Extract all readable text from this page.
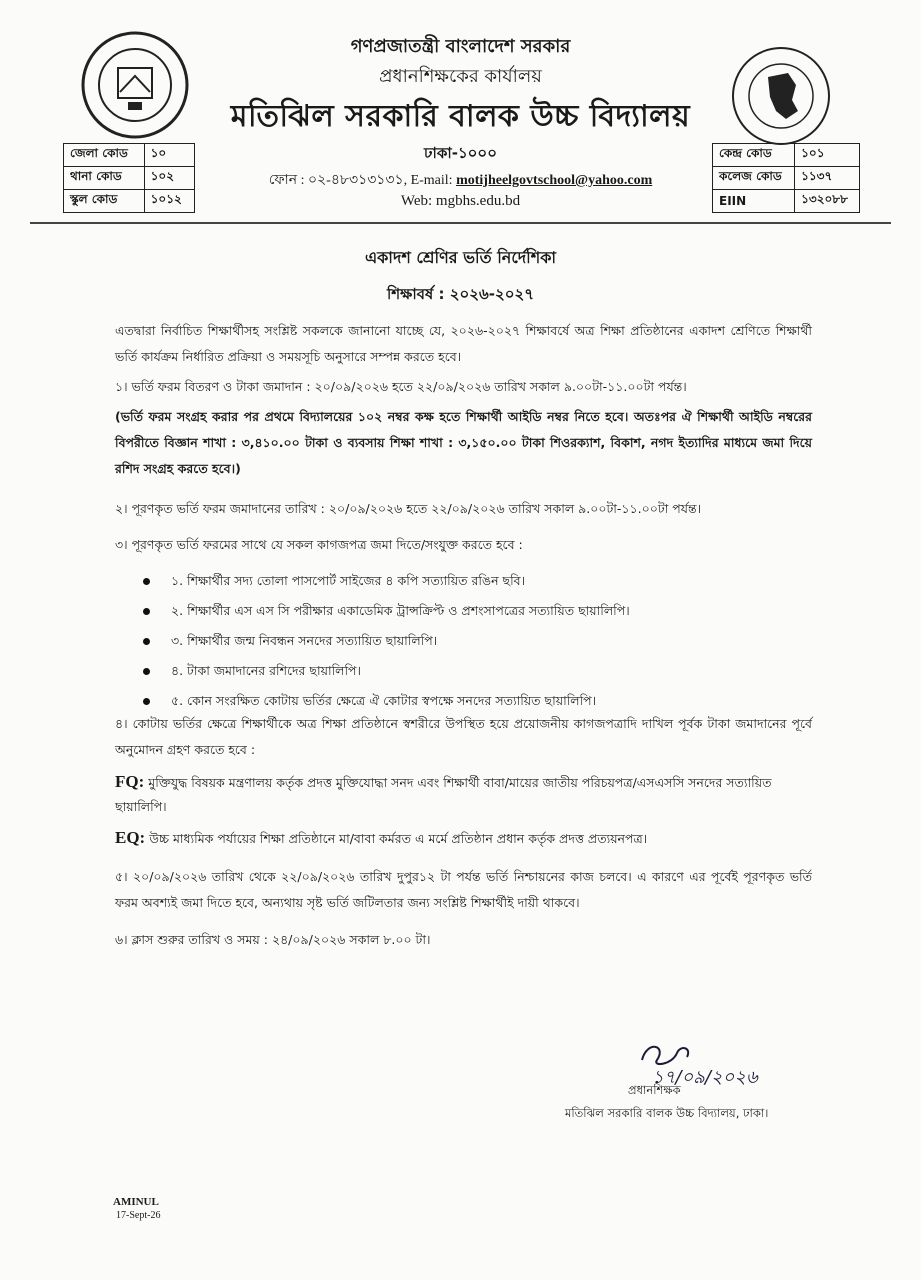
গণপ্রজাতন্ত্রী বাংলাদেশ সরকার
প্রধানশিক্ষকের কার্যালয়
মতিঝিল সরকারি বালক উচ্চ বিদ্যালয়
ঢাকা-১০০০
ফোন : ০২-৪৮৩১৩১৩১, E-mail: motijheelgovtschool@yahoo.com
Web: mgbhs.edu.bd
জেলা কোড	১০
থানা কোড	১০২
স্কুল কোড	১০১২
কেন্দ্র কোড	১০১
কলেজ কোড	১১৩৭
EIIN	১৩২০৮৮
একাদশ শ্রেণির ভর্তি নির্দেশিকা
শিক্ষাবর্ষ : ২০২৬-২০২৭
এতদ্বারা নির্বাচিত শিক্ষার্থীসহ সংশ্লিষ্ট সকলকে জানানো যাচ্ছে যে, ২০২৬-২০২৭ শিক্ষাবর্ষে অত্র শিক্ষা প্রতিষ্ঠানের একাদশ শ্রেণিতে শিক্ষার্থী ভর্তি কার্যক্রম নির্ধারিত প্রক্রিয়া ও সময়সূচি অনুসারে সম্পন্ন করতে হবে।
১। ভর্তি ফরম বিতরণ ও টাকা জমাদান : ২০/০৯/২০২৬ হতে ২২/০৯/২০২৬ তারিখ সকাল ৯.০০টা-১১.০০টা পর্যন্ত।
(ভর্তি ফরম সংগ্রহ করার পর প্রথমে বিদ্যালয়ের ১০২ নম্বর কক্ষ হতে শিক্ষার্থী আইডি নম্বর নিতে হবে। অতঃপর ঐ শিক্ষার্থী আইডি নম্বরের বিপরীতে বিজ্ঞান শাখা : ৩,৪১০.০০ টাকা ও ব্যবসায় শিক্ষা শাখা : ৩,১৫০.০০ টাকা শিওরক্যাশ, বিকাশ, নগদ ইত্যাদির মাধ্যমে জমা দিয়ে রশিদ সংগ্রহ করতে হবে।)
২। পূরণকৃত ভর্তি ফরম জমাদানের তারিখ : ২০/০৯/২০২৬ হতে ২২/০৯/২০২৬ তারিখ সকাল ৯.০০টা-১১.০০টা পর্যন্ত।
৩। পূরণকৃত ভর্তি ফরমের সাথে যে সকল কাগজপত্র জমা দিতে/সংযুক্ত করতে হবে :
১. শিক্ষার্থীর সদ্য তোলা পাসপোর্ট সাইজের ৪ কপি সত্যায়িত রঙিন ছবি।
২. শিক্ষার্থীর এস এস সি পরীক্ষার একাডেমিক ট্রান্সক্রিপ্ট ও প্রশংসাপত্রের সত্যায়িত ছায়ালিপি।
৩. শিক্ষার্থীর জন্ম নিবন্ধন সনদের সত্যায়িত ছায়ালিপি।
৪. টাকা জমাদানের রশিদের ছায়ালিপি।
৫. কোন সংরক্ষিত কোটায় ভর্তির ক্ষেত্রে ঐ কোটার স্বপক্ষে সনদের সত্যায়িত ছায়ালিপি।
৪। কোটায় ভর্তির ক্ষেত্রে শিক্ষার্থীকে অত্র শিক্ষা প্রতিষ্ঠানে স্বশরীরে উপস্থিত হয়ে প্রয়োজনীয় কাগজপত্রাদি দাখিল পূর্বক টাকা জমাদানের পূর্বে অনুমোদন গ্রহণ করতে হবে :
FQ: মুক্তিযুদ্ধ বিষয়ক মন্ত্রণালয় কর্তৃক প্রদত্ত মুক্তিযোদ্ধা সনদ এবং শিক্ষার্থী বাবা/মায়ের জাতীয় পরিচয়পত্র/এসএসসি সনদের সত্যায়িত ছায়ালিপি।
EQ: উচ্চ মাধ্যমিক পর্যায়ের শিক্ষা প্রতিষ্ঠানে মা/বাবা কর্মরত এ মর্মে প্রতিষ্ঠান প্রধান কর্তৃক প্রদত্ত প্রত্যয়নপত্র।
৫। ২০/০৯/২০২৬ তারিখ থেকে ২২/০৯/২০২৬ তারিখ দুপুর১২ টা পর্যন্ত ভর্তি নিশ্চায়নের কাজ চলবে। এ কারণে এর পূর্বেই পূরণকৃত ভর্তি ফরম অবশ্যই জমা দিতে হবে, অন্যথায় সৃষ্ট ভর্তি জটিলতার জন্য সংশ্লিষ্ট শিক্ষার্থীই দায়ী থাকবে।
৬। ক্লাস শুরুর তারিখ ও সময় : ২৪/০৯/২০২৬ সকাল ৮.০০ টা।
১৭/০৯/২০২৬
প্রধানশিক্ষক
মতিঝিল সরকারি বালক উচ্চ বিদ্যালয়, ঢাকা।
AMINUL
17-Sept-26
